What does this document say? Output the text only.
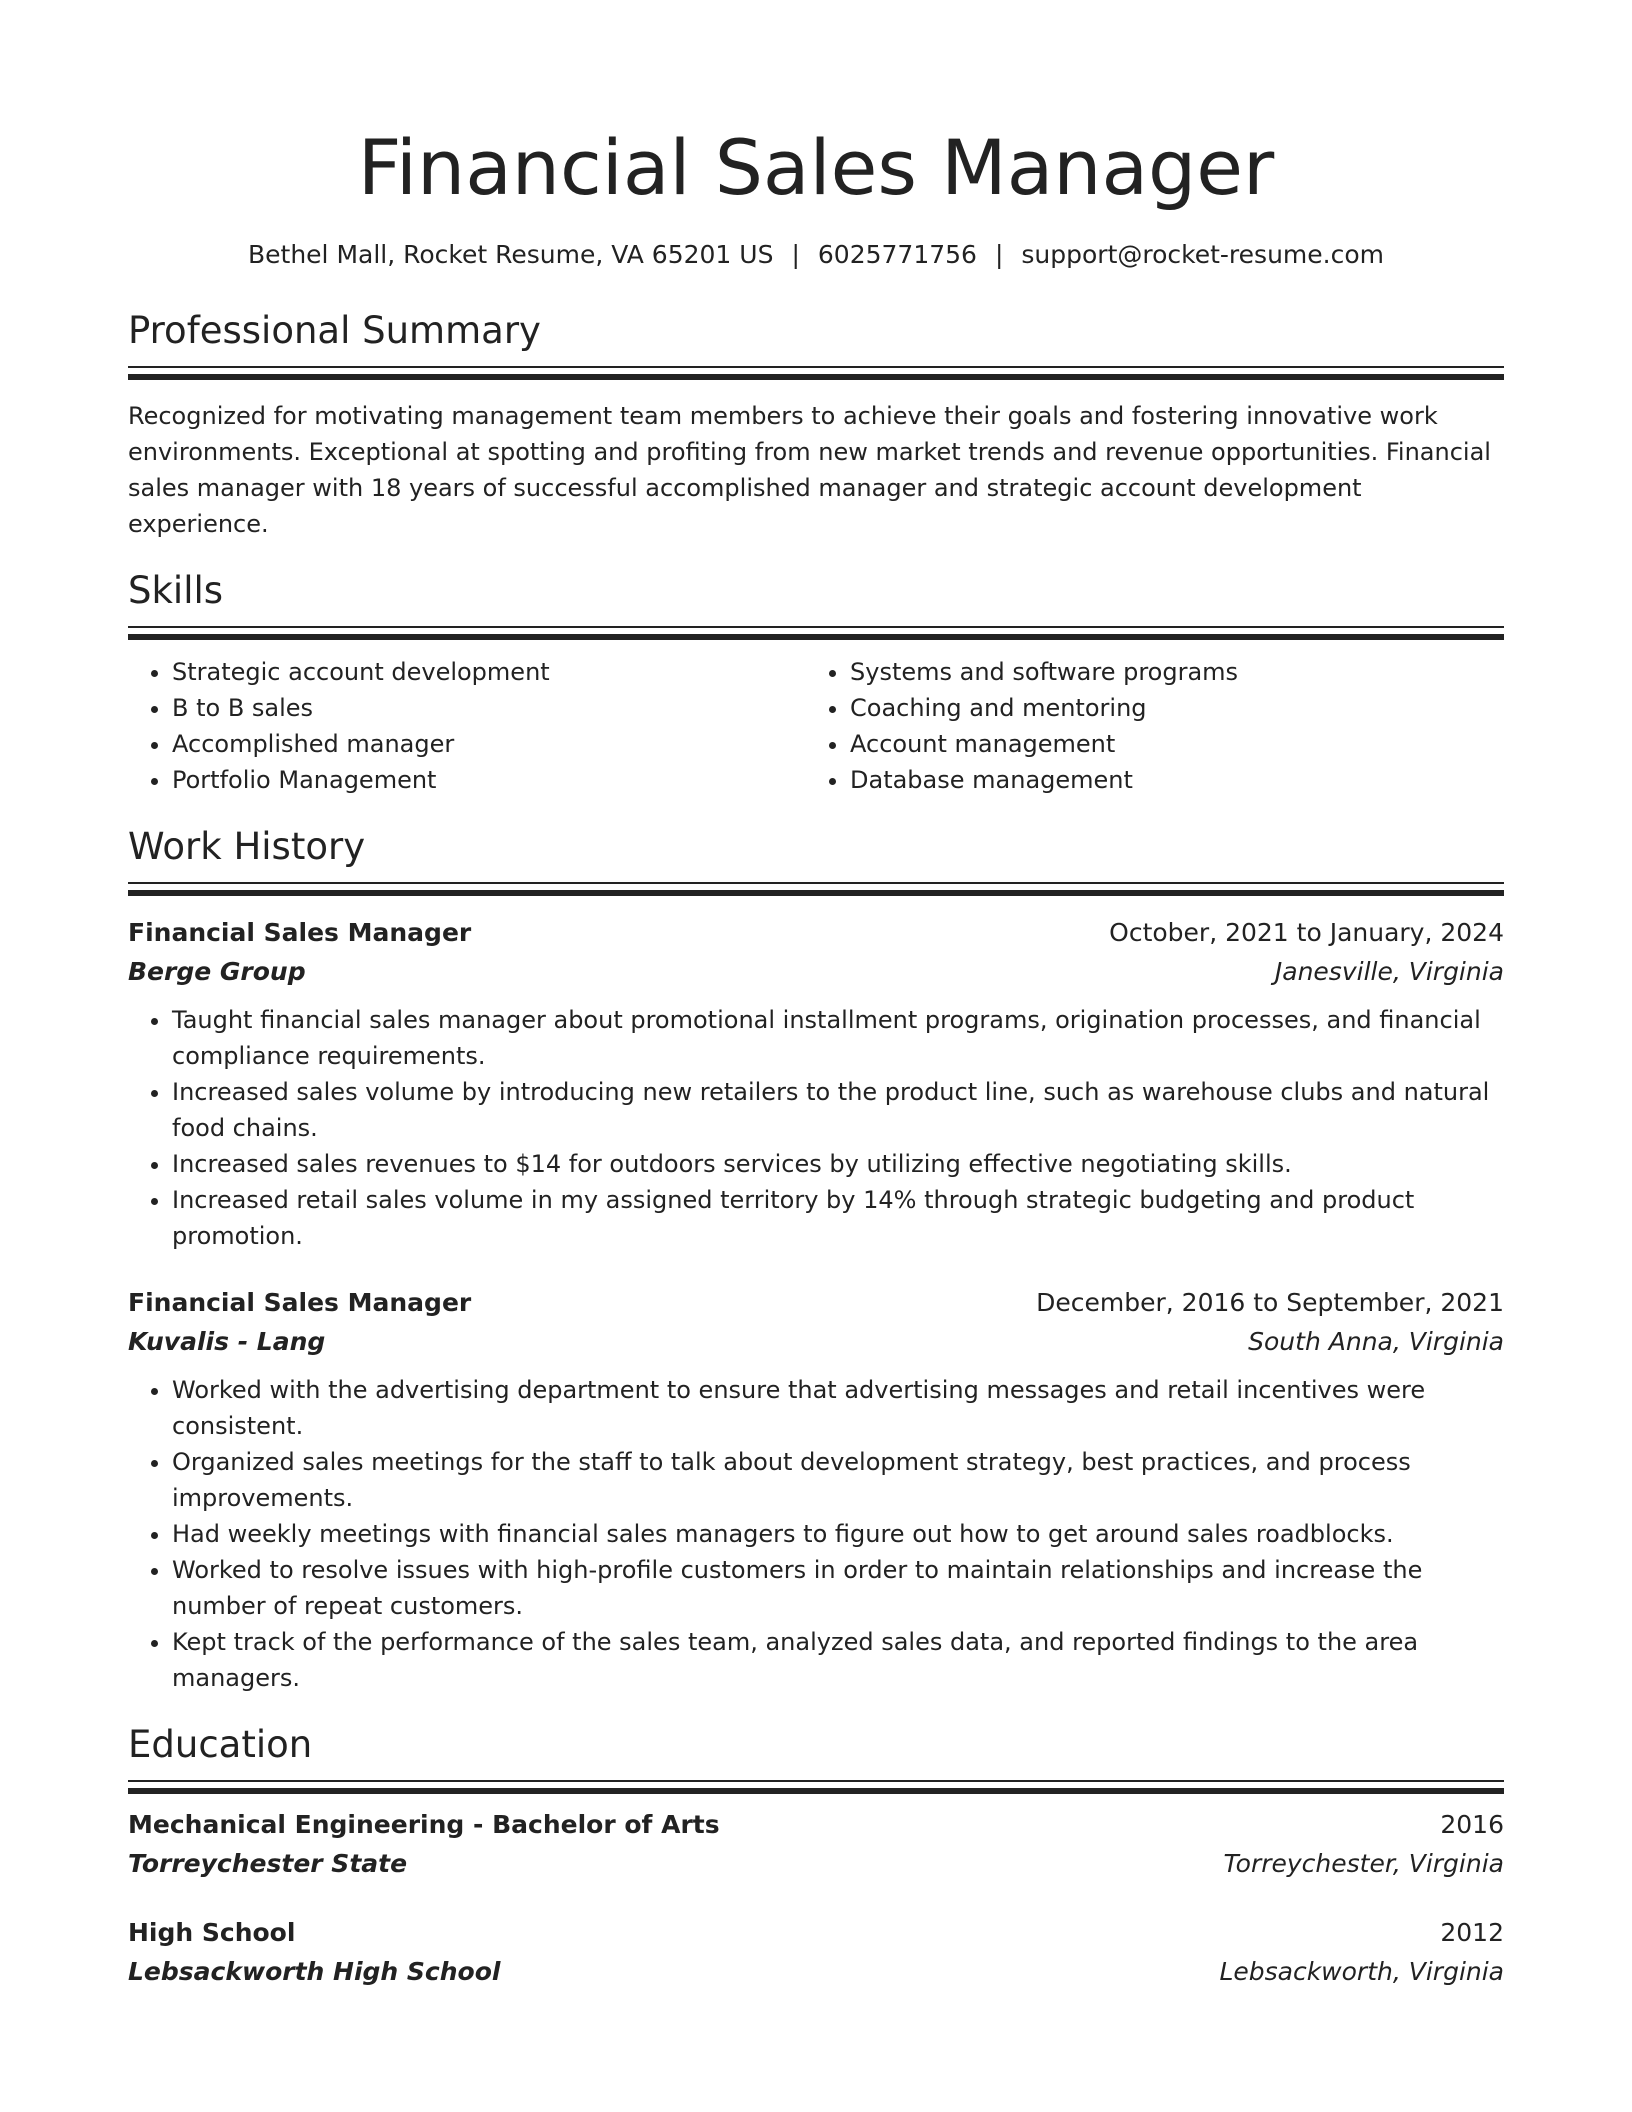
Financial Sales Manager
Bethel Mall, Rocket Resume, VA 65201 US | 6025771756 | support@rocket-resume.com
Professional Summary

Recognized for motivating management team members to achieve their goals and fostering innovative work environments. Exceptional at spotting and profiting from new market trends and revenue opportunities. Financial sales manager with 18 years of successful accomplished manager and strategic account development experience.

Skills
• Strategic account development
• B to B sales
• Accomplished manager
• Portfolio Management
• Systems and software programs
• Coaching and mentoring
• Account management
• Database management
Work History
Financial Sales Manager	October, 2021 to January, 2024
Berge Group	Janesville, Virginia
• Taught financial sales manager about promotional installment programs, origination processes, and financial compliance requirements.
• Increased sales volume by introducing new retailers to the product line, such as warehouse clubs and natural food chains.
• Increased sales revenues to $14 for outdoors services by utilizing effective negotiating skills.
• Increased retail sales volume in my assigned territory by 14% through strategic budgeting and product promotion.
Financial Sales Manager	December, 2016 to September, 2021
Kuvalis - Lang	South Anna, Virginia
• Worked with the advertising department to ensure that advertising messages and retail incentives were consistent.
• Organized sales meetings for the staff to talk about development strategy, best practices, and process improvements.
• Had weekly meetings with financial sales managers to figure out how to get around sales roadblocks.
• Worked to resolve issues with high-profile customers in order to maintain relationships and increase the number of repeat customers.
• Kept track of the performance of the sales team, analyzed sales data, and reported findings to the area managers.
Education
Mechanical Engineering - Bachelor of Arts	2016
Torreychester State	Torreychester, Virginia
High School	2012
Lebsackworth High School	Lebsackworth, Virginia
